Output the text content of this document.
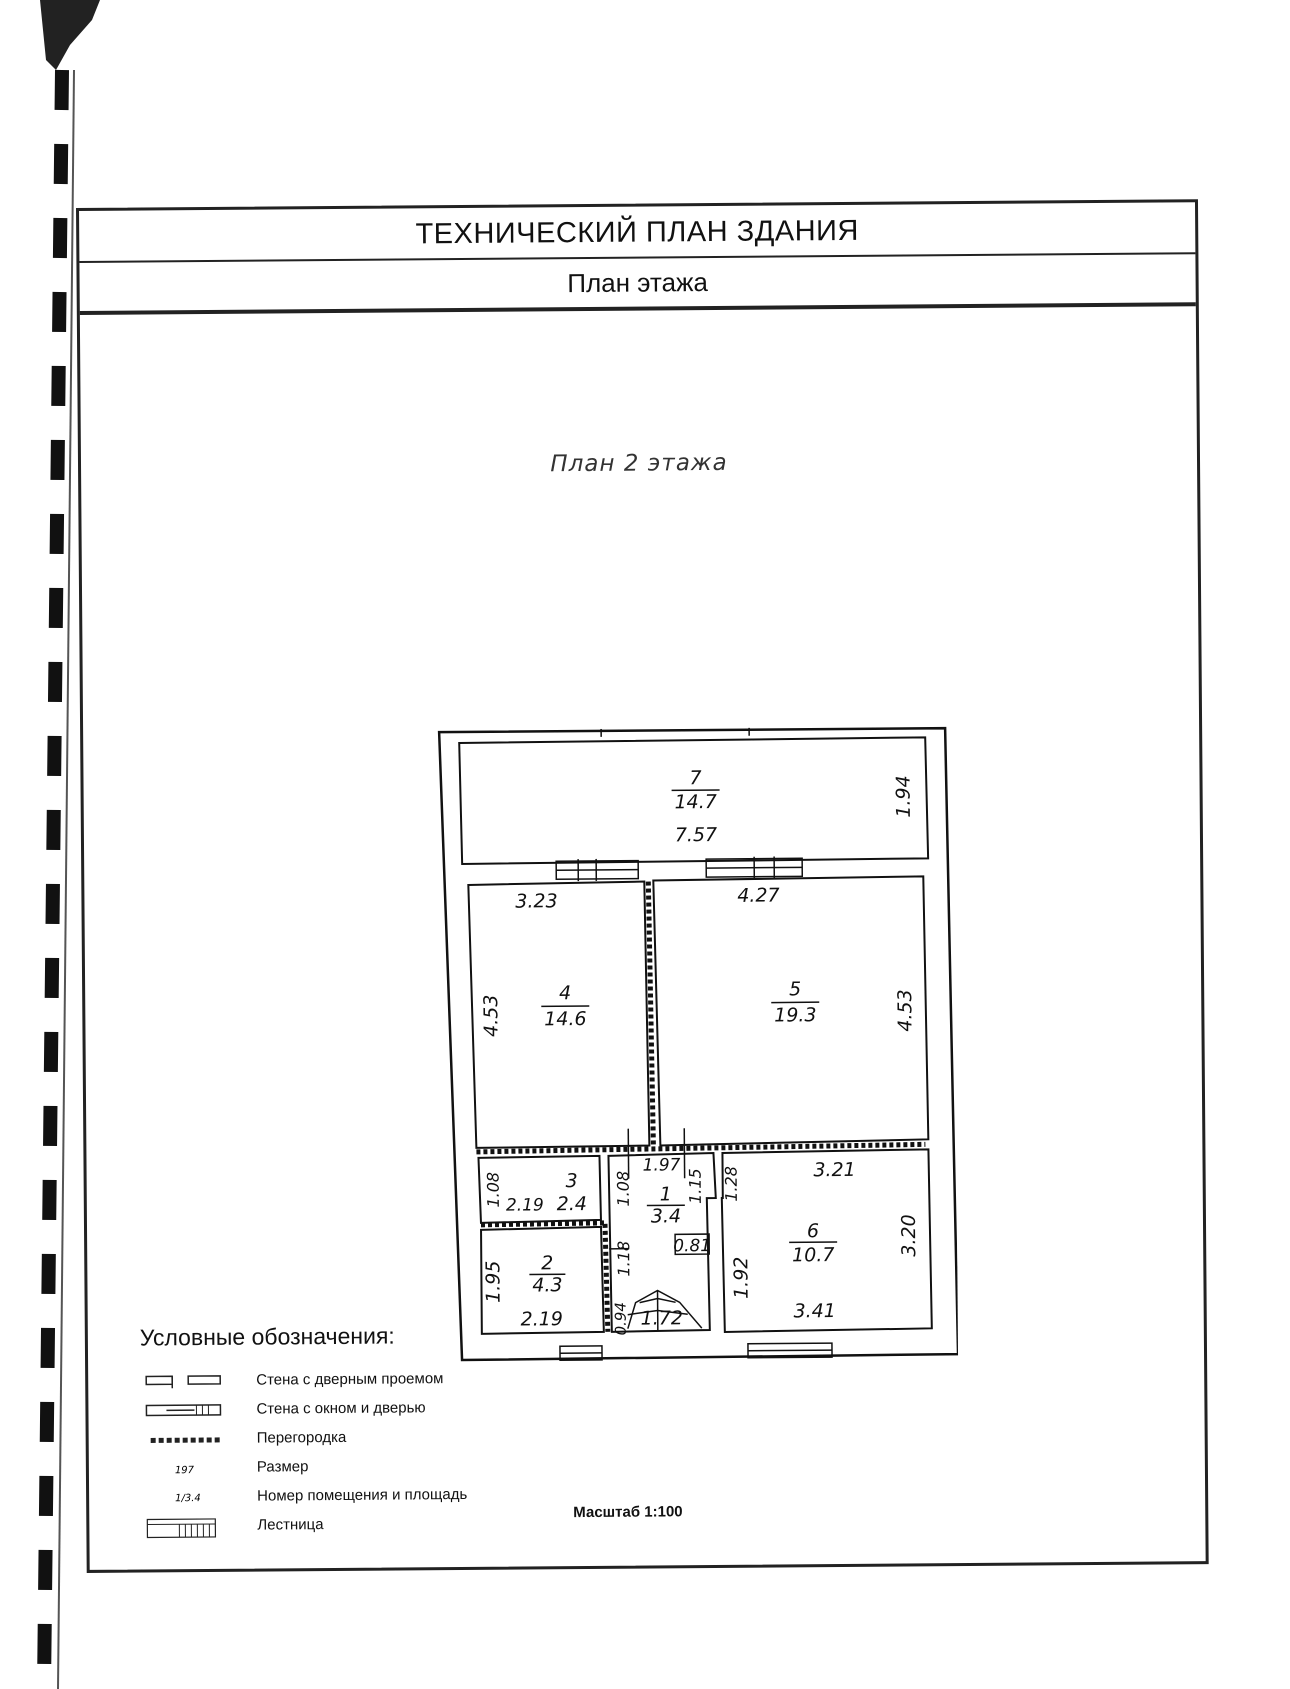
ТЕХНИЧЕСКИЙ ПЛАН ЗДАНИЯ
План этажа
План 2 этажа
7
14.7
4
14.6
5
19.3
3
2.4	1
3.4
6
10.7
2
4.3
7.57
1.94
3.23	4.27
4.53	4.53
1.97
1.08	1.08	1.15 1.28	3.21
3.20
2.19
1.18 0.81
1.95	1.92
2.19	0.94 1.72	3.41
Условные обозначения:
Стена с дверным проемом
Стена с окном и дверью
Перегородка
197	Размер
1/3.4	Номер помещения и площадь
Лестница
Масштаб 1:100
